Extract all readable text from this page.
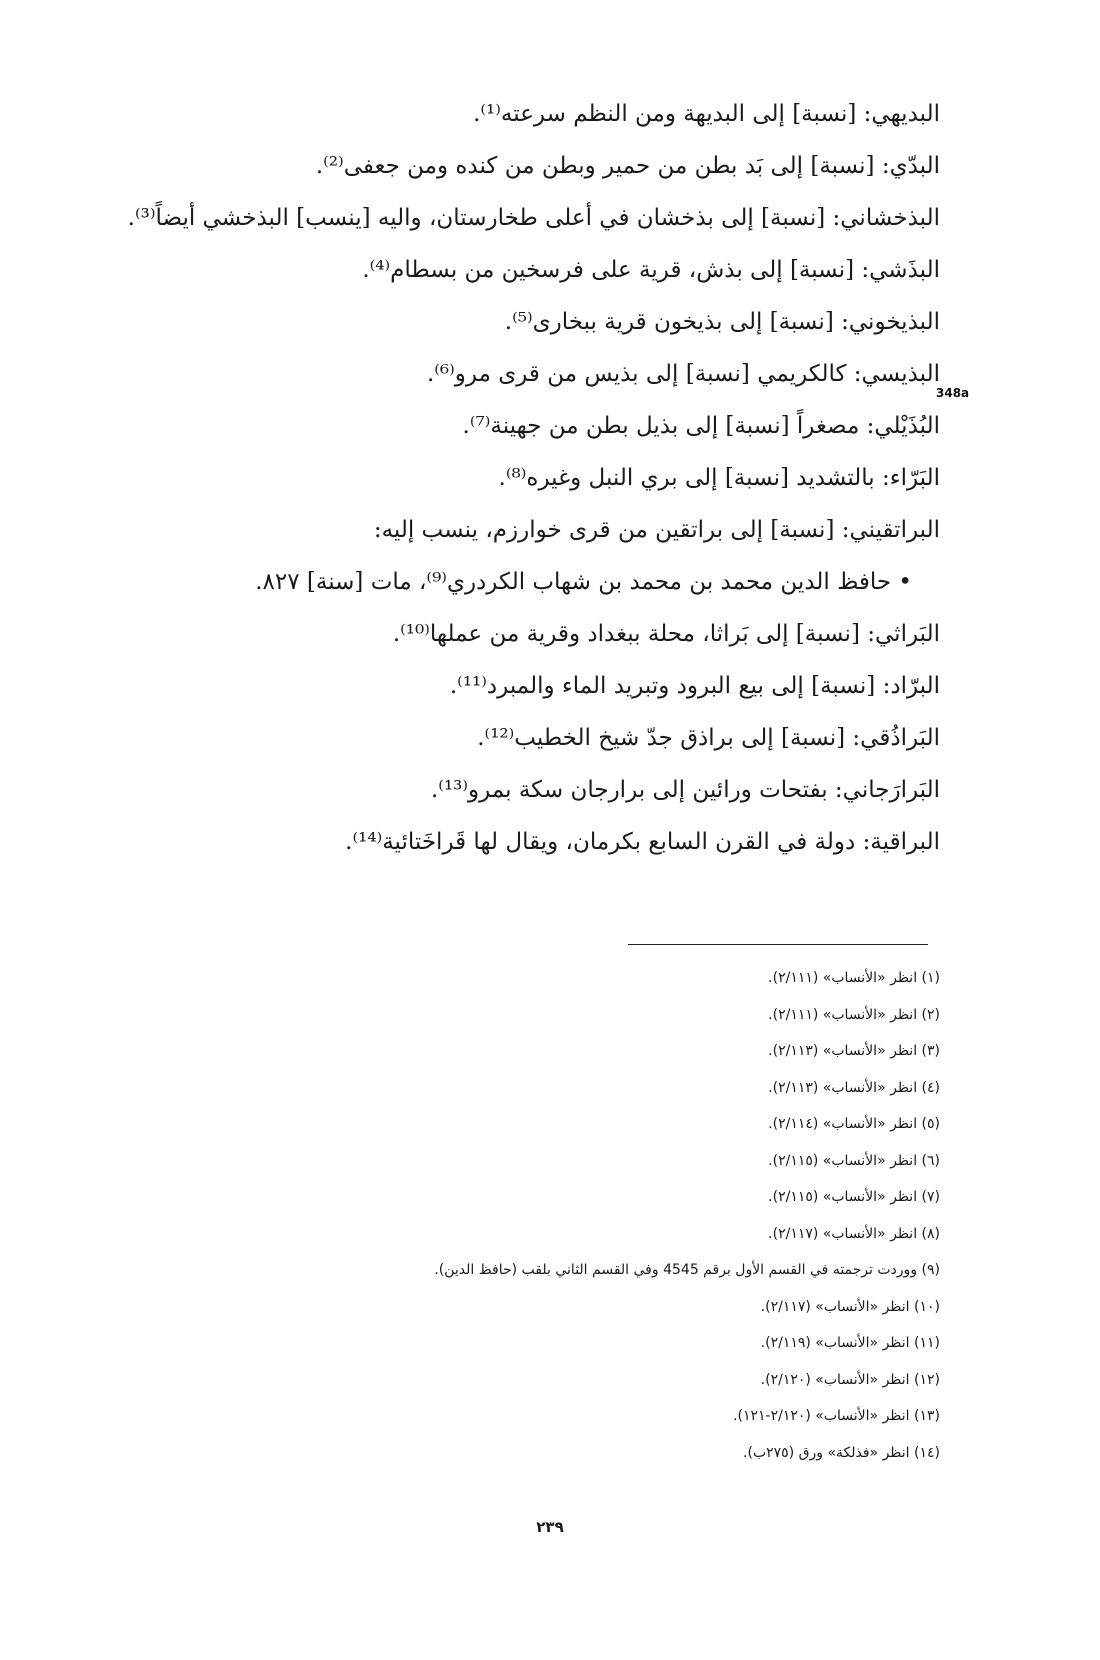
البديهي: [نسبة] إلى البديهة ومن النظم سرعته⁽¹⁾.
البدّي: [نسبة] إلى بَد بطن من حمير وبطن من كنده ومن جعفى⁽²⁾.
البذخشاني: [نسبة] إلى بذخشان في أعلى طخارستان، واليه [ينسب] البذخشي أيضاً⁽³⁾.
البذَشي: [نسبة] إلى بذش، قرية على فرسخين من بسطام⁽⁴⁾.
البذيخوني: [نسبة] إلى بذيخون قرية ببخارى⁽⁵⁾.
البذيسي: كالكريمي [نسبة] إلى بذيس من قرى مرو⁽⁶⁾.
البُذَيْلي: مصغراً [نسبة] إلى بذيل بطن من جهينة⁽⁷⁾.
البَرّاء: بالتشديد [نسبة] إلى بري النبل وغيره⁽⁸⁾.
البراتقيني: [نسبة] إلى براتقين من قرى خوارزم، ينسب إليه:
• حافظ الدين محمد بن محمد بن شهاب الكردري⁽⁹⁾، مات [سنة] ٨٢٧.
البَراثي: [نسبة] إلى بَراثا، محلة ببغداد وقرية من عملها⁽¹⁰⁾.
البرّاد: [نسبة] إلى بيع البرود وتبريد الماء والمبرد⁽¹¹⁾.
البَراذُقي: [نسبة] إلى براذق جدّ شيخ الخطيب⁽¹²⁾.
البَرارَجاني: بفتحات ورائين إلى برارجان سكة بمرو⁽¹³⁾.
البراقية: دولة في القرن السابع بكرمان، ويقال لها قَراخَتائية⁽¹⁴⁾.
348a
(١) انظر «الأنساب» (٢/١١١).
(٢) انظر «الأنساب» (٢/١١١).
(٣) انظر «الأنساب» (٢/١١٣).
(٤) انظر «الأنساب» (٢/١١٣).
(٥) انظر «الأنساب» (٢/١١٤).
(٦) انظر «الأنساب» (٢/١١٥).
(٧) انظر «الأنساب» (٢/١١٥).
(٨) انظر «الأنساب» (٢/١١٧).
(٩) ووردت ترجمته في القسم الأول برقم 4545 وفي القسم الثاني بلقب (حافظ الدين).
(١٠) انظر «الأنساب» (٢/١١٧).
(١١) انظر «الأنساب» (٢/١١٩).
(١٢) انظر «الأنساب» (٢/١٢٠).
(١٣) انظر «الأنساب» (٢/١٢٠-١٢١).
(١٤) انظر «فذلكة» ورق (٢٧٥ب).
٢٣٩
